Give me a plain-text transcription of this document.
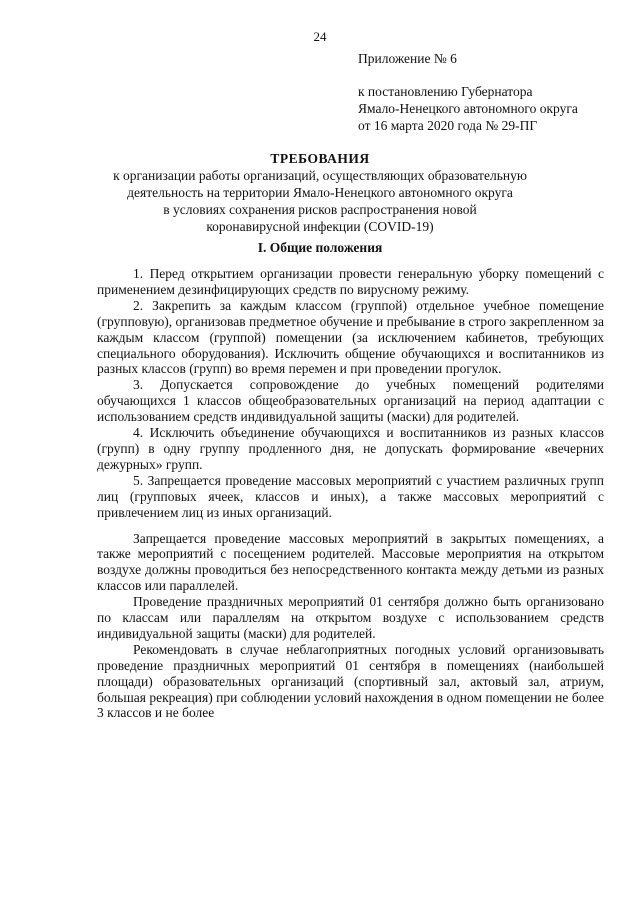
24
Приложение № 6
к постановлению Губернатора
Ямало-Ненецкого автономного округа
от 16 марта 2020 года № 29-ПГ
ТРЕБОВАНИЯ
к организации работы организаций, осуществляющих образовательную
деятельность на территории Ямало-Ненецкого автономного округа
в условиях сохранения рисков распространения новой
коронавирусной инфекции (COVID-19)
I. Общие положения

1. Перед открытием организации провести генеральную уборку помещений с применением дезинфицирующих средств по вирусному режиму.

2. Закрепить за каждым классом (группой) отдельное учебное помещение (групповую), организовав предметное обучение и пребывание в строго закрепленном за каждым классом (группой) помещении (за исключением кабинетов, требующих специального оборудования). Исключить общение обучающихся и воспитанников из разных классов (групп) во время перемен и при проведении прогулок.

3. Допускается сопровождение до учебных помещений родителями обучающихся 1 классов общеобразовательных организаций на период адаптации с использованием средств индивидуальной защиты (маски) для родителей.

4. Исключить объединение обучающихся и воспитанников из разных классов (групп) в одну группу продленного дня, не допускать формирование «вечерних дежурных» групп.

5. Запрещается проведение массовых мероприятий с участием различных групп лиц (групповых ячеек, классов и иных), а также массовых мероприятий с привлечением лиц из иных организаций.

Запрещается проведение массовых мероприятий в закрытых помещениях, а также мероприятий с посещением родителей. Массовые мероприятия на открытом воздухе должны проводиться без непосредственного контакта между детьми из разных классов или параллелей.

Проведение праздничных мероприятий 01 сентября должно быть организовано по классам или параллелям на открытом воздухе с использованием средств индивидуальной защиты (маски) для родителей.

Рекомендовать в случае неблагоприятных погодных условий организовывать проведение праздничных мероприятий 01 сентября в помещениях (наибольшей площади) образовательных организаций (спортивный зал, актовый зал, атриум, большая рекреация) при соблюдении условий нахождения в одном помещении не более 3 классов и не более
